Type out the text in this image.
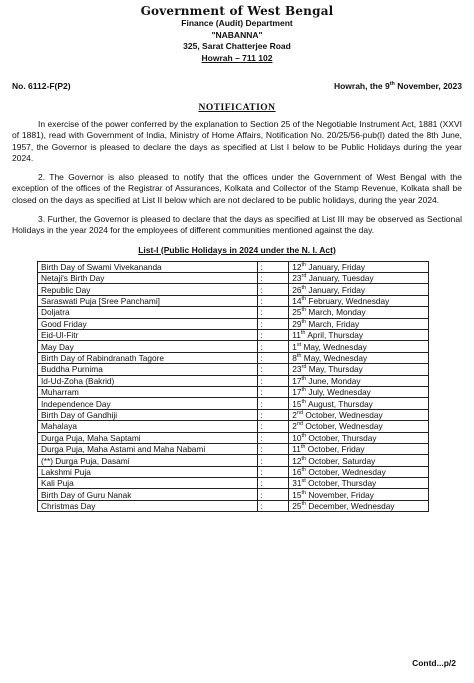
Government of West Bengal
Finance (Audit) Department
"NABANNA"
325, Sarat Chatterjee Road
Howrah – 711 102
No. 6112-F(P2)	Howrah, the 9th November, 2023
NOTIFICATION

In exercise of the power conferred by the explanation to Section 25 of the Negotiable Instrument Act, 1881 (XXVI of 1881), read with Government of India, Ministry of Home Affairs, Notification No. 20/25/56-pub(I) dated the 8th June, 1957, the Governor is pleased to declare the days as specified at List I below to be Public Holidays during the year 2024.

2. The Governor is also pleased to notify that the offices under the Government of West Bengal with the exception of the offices of the Registrar of Assurances, Kolkata and Collector of the Stamp Revenue, Kolkata shall be closed on the days as specified at List II below which are not declared to be public holidays, during the year 2024.

3. Further, the Governor is pleased to declare that the days as specified at List III may be observed as Sectional Holidays in the year 2024 for the employees of different communities mentioned against the day.

List-I (Public Holidays in 2024 under the N. I. Act)
Birth Day of Swami Vivekananda	:	12th January, Friday
Netaji's Birth Day	:	23rd January, Tuesday
Republic Day	:	26th January, Friday
Saraswati Puja [Sree Panchami]	:	14th February, Wednesday
Doljatra	:	25th March, Monday
Good Friday	:	29th March, Friday
Eid-Ul-Fitr	:	11th April, Thursday
May Day	:	1st May, Wednesday
Birth Day of Rabindranath Tagore	:	8th May, Wednesday
Buddha Purnima	:	23rd May, Thursday
Id-Ud-Zoha (Bakrid)	:	17th June, Monday
Muharram	:	17th July, Wednesday
Independence Day	:	15th August, Thursday
Birth Day of Gandhiji	:	2nd October, Wednesday
Mahalaya	:	2nd October, Wednesday
Durga Puja, Maha Saptami	:	10th October, Thursday
Durga Puja, Maha Astami and Maha Nabami	:	11th October, Friday
(**) Durga Puja, Dasami	:	12th October, Saturday
Lakshmi Puja	:	16th October, Wednesday
Kali Puja	:	31st October, Thursday
Birth Day of Guru Nanak	:	15th November, Friday
Christmas Day	:	25th December, Wednesday
Contd...p/2
